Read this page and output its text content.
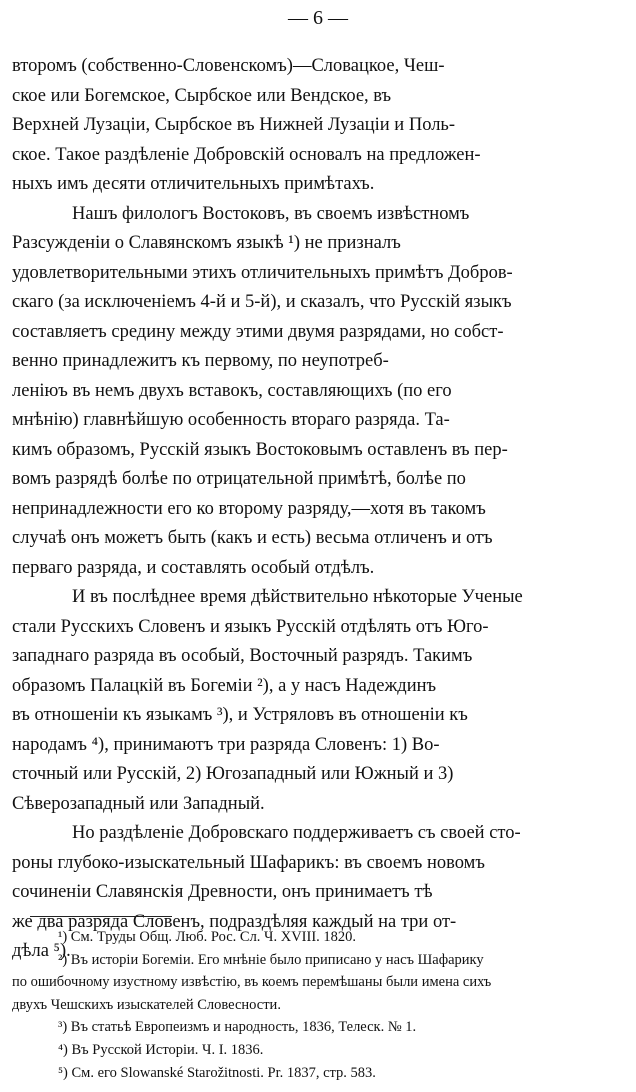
— 6 —
второмъ (собственно-Словенскомъ)—Словацкое, Чеш-
ское или Богемское, Сырбское или Вендское, въ
Верхней Лузаціи, Сырбское въ Нижней Лузаціи и Поль-
ское. Такое раздѣленіе Добровскій основалъ на предложен-
ныхъ имъ десяти отличительныхъ примѣтахъ.
Нашъ филологъ Востоковъ, въ своемъ извѣстномъ
Разсужденіи о Славянскомъ языкѣ ¹) не призналъ
удовлетворительными этихъ отличительныхъ примѣтъ Добров-
скаго (за исключеніемъ 4-й и 5-й), и сказалъ, что Русскій языкъ
составляетъ средину между этими двумя разрядами, но собст-
венно принадлежитъ къ первому, по неупотреб-
леніюъ въ немъ двухъ вставокъ, составляющихъ (по его
мнѣнію) главнѣйшую особенность втораго разряда. Та-
кимъ образомъ, Русскій языкъ Востоковымъ оставленъ въ пер-
вомъ разрядѣ болѣе по отрицательной примѣтѣ, болѣе по
непринадлежности его ко второму разряду,—хотя въ такомъ
случаѣ онъ можетъ быть (какъ и есть) весьма отличенъ и отъ
перваго разряда, и составлять особый отдѣлъ.
И въ послѣднее время дѣйствительно нѣкоторые Ученые
стали Русскихъ Словенъ и языкъ Русскій отдѣлять отъ Юго-
западнаго разряда въ особый, Восточный разрядъ. Такимъ
образомъ Палацкій въ Богеміи ²), а у насъ Надеждинъ
въ отношеніи къ языкамъ ³), и Устряловъ въ отношеніи къ
народамъ ⁴), принимаютъ три разряда Словенъ: 1) Во-
сточный или Русскій, 2) Югозападный или Южный и 3)
Сѣверозападный или Западный.
Но раздѣленіе Добровскаго поддерживаетъ съ своей сто-
роны глубоко-изыскательный Шафарикъ: въ своемъ новомъ
сочиненіи Славянскія Древности, онъ принимаетъ тѣ
же два разряда Словенъ, подраздѣляя каждый на три от-
дѣла ⁵).
¹) См. Труды Общ. Люб. Рос. Сл. Ч. XVIII. 1820.
²) Въ исторіи Богеміи. Его мнѣніе было приписано у насъ Шафарику
по ошибочному изустному извѣстію, въ коемъ перемѣшаны были имена сихъ
двухъ Чешскихъ изыскателей Словесности.
³) Въ статьѣ Европеизмъ и народность, 1836, Телеск. № 1.
⁴) Въ Русской Исторіи. Ч. I. 1836.
⁵) См. его Slowanské Starožitnosti. Pr. 1837, стр. 583.
